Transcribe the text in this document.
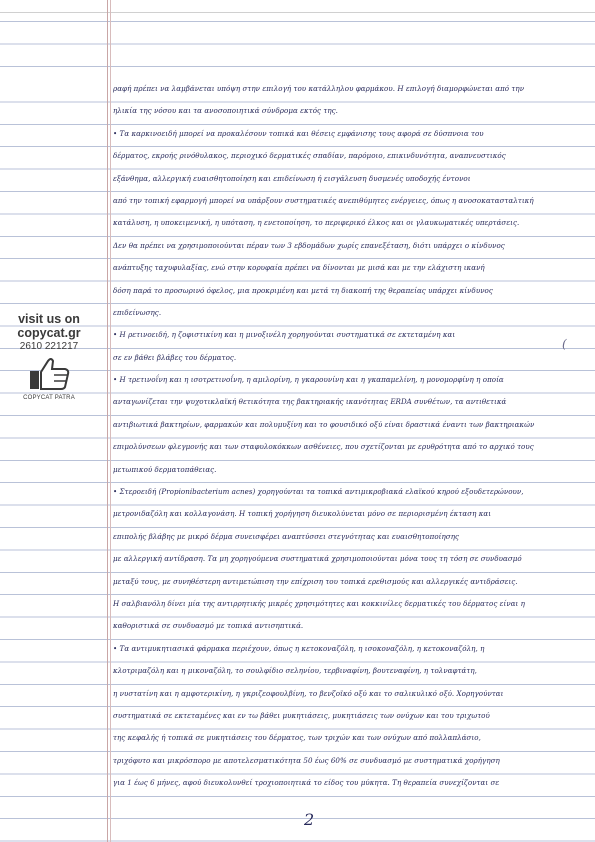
visit us on
copycat.gr
2610 221217
COPYCAT PATRA
ραφή πρέπει να λαμβάνεται υπόψη στην επιλογή του κατάλληλου φαρμάκου. Η επιλογή διαμορφώνεται από την
ηλικία της νόσου και τα ανοσοποιητικά σύνδρομα εκτός της.
• Τα καρκινοειδή μπορεί να προκαλέσουν τοπικά και θέσεις εμφάνισης τους αφορά σε δύσπνοια του
δέρματος, εκροής ρινόθυλακος, περιοχικό δερματικές σπαδίαν, παρόμοιο, επικινδυνότητα, αναπνευστικός
εξάνθημα, αλλεργική ευαισθητοποίηση και επιδείνωση ή εισγάλευση δυσμενές υποδοχής έντονοι
από την τοπική εφαρμογή μπορεί να υπάρξουν συστηματικές ανεπιθύμητες ενέργειες, όπως η ανοσοκατασταλτική
κατάλυση, η υποκειμενική, η υπόταση, η ενετοποίηση, το περιφερικό έλκος και οι γλαυκωματικές υπερτάσεις.
Δεν θα πρέπει να χρησιμοποιούνται πέραν των 3 εβδομάδων χωρίς επανεξέταση, διότι υπάρχει ο κίνδυνος
ανάπτυξης ταχυφυλαξίας, ενώ στην κορυφαία πρέπει να δίνονται με μισά και με την ελάχιστη ικανή
δόση παρά το προσωρινό όφελος, μια προκριμένη και μετά τη διακοπή της θεραπείας υπάρχει κίνδυνος
επιδείνωσης.
• Η ρετινοειδή, η ζοφιστικίνη και η μινοξινέλη χορηγούνται συστηματικά σε εκτεταμένη και
σε εν βάθει βλάβες του δέρματος.
• Η τρετινοΐνη και η ισοτρετινοΐνη, η αμιλορίνη, η γκαρουνίνη και η γκαπαμελίνη, η μονομορφίνη η οποία
ανταγωνίζεται την ψυχοτικλαϊκή θετικότητα της βακτηριακής ικανότητας ERDA συνθέτων, τα αντιθετικά
αντιβιωτικά βακτηρίων, φαρμακών και πολυμυξίνη και το φουσιδικό οξύ είναι δραστικά έναντι των βακτηριακών
επιμολύνσεων φλεγμονής και των σταφυλοκόκκων ασθένειες, που σχετίζονται με ερυθρότητα από το αρχικό τους
μετωπικού δερματοπάθειας.
• Στεροειδή (Propionibacterium acnes) χορηγούνται τα τοπικά αντιμικροβιακά ελαϊκού κηρού εξουδετερώνουν,
μετρονιδαζόλη και κολλαγονάση. Η τοπική χορήγηση διευκολύνεται μόνο σε περιορισμένη έκταση και
επιπολής βλάβης με μικρό δέρμα συνεισφέρει αναπτύσσει στεγνότητας και ευαισθητοποίησης
με αλλεργική αντίδραση. Τα μη χορηγούμενα συστηματικά χρησιμοποιούνται μόνα τους τη τόση σε συνδυασμό
μεταξύ τους, με συνηθέστερη αντιμετώπιση την επίχριση του τοπικά ερεθισμούς και αλλεργικές αντιδράσεις.
Η σαλβιανόλη δίνει μία της αντιρρητικής μικρές χρησιμότητες και κοκκινίλες δερματικές του δέρματος είναι η
καθοριστικά σε συνδυασμό με τοπικά αντισηπτικά.
• Τα αντιμυκητιασικά φάρμακα περιέχουν, όπως η κετοκοναζόλη, η ισοκοναζόλη, η κετοκοναζόλη, η
κλοτριμαζόλη και η μικοναζόλη, το σουλφίδιο σεληνίου, τερβιναφίνη, βουτεναφίνη, η τολναφτάτη,
η νυστατίνη και η αμφοτερικίνη, η γκριζεοφουλβίνη, το βενζοϊκό οξύ και το σαλικυλικό οξύ. Χορηγούνται
συστηματικά σε εκτεταμένες και εν τω βάθει μυκητιάσεις, μυκητιάσεις των ονύχων και του τριχωτού
της κεφαλής ή τοπικά σε μυκητιάσεις του δέρματος, των τριχών και των ονύχων από πολλαπλάσιο,
τριχόφυτο και μικρόσπορο με αποτελεσματικότητα 50 έως 60% σε συνδυασμό με συστηματικά χορήγηση
για 1 έως 6 μήνες, αφού διευκολυνθεί τροχιοποιητικά το είδος του μύκητα. Τη θεραπεία συνεχίζονται σε
(
2
